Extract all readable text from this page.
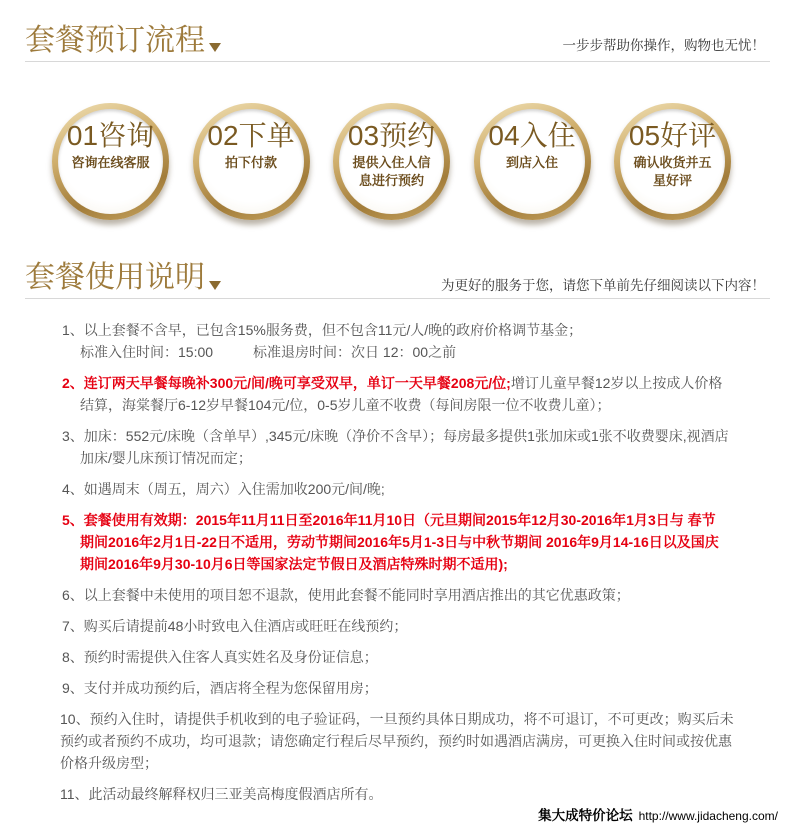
套餐预订流程	一步步帮助你操作，购物也无忧！
01咨询
咨询在线客服
02下单
拍下付款
03预约
提供入住人信
息进行预约
04入住
到店入住
05好评
确认收货并五
星好评
套餐使用说明	为更好的服务于您，请您下单前先仔细阅读以下内容！
1、以上套餐不含早，已包含15%服务费，但不包含11元/人/晚的政府价格调节基金；
标准入住时间：15:00	标准退房时间：次日 12：00之前
2、连订两天早餐每晚补300元/间/晚可享受双早，单订一天早餐208元/位;增订儿童早餐12岁以上按成人价格
结算，海棠餐厅6-12岁早餐104元/位，0-5岁儿童不收费（每间房限一位不收费儿童）；
3、加床：552元/床晚（含单早）,345元/床晚（净价不含早）；每房最多提供1张加床或1张不收费婴床,视酒店
加床/婴儿床预订情况而定；
4、如遇周末（周五，周六）入住需加收200元/间/晚;
5、套餐使用有效期：2015年11月11日至2016年11月10日（元旦期间2015年12月30-2016年1月3日与 春节
期间2016年2月1日-22日不适用，劳动节期间2016年5月1-3日与中秋节期间 2016年9月14-16日以及国庆
期间2016年9月30-10月6日等国家法定节假日及酒店特殊时期不适用);
6、以上套餐中未使用的项目恕不退款，使用此套餐不能同时享用酒店推出的其它优惠政策；
7、购买后请提前48小时致电入住酒店或旺旺在线预约；
8、预约时需提供入住客人真实姓名及身份证信息；
9、支付并成功预约后，酒店将全程为您保留用房；
10、预约入住时，请提供手机收到的电子验证码，一旦预约具体日期成功，将不可退订，不可更改；购买后未
预约或者预约不成功，均可退款；请您确定行程后尽早预约，预约时如遇酒店满房，可更换入住时间或按优惠
价格升级房型；
11、此活动最终解释权归三亚美高梅度假酒店所有。
集大成特价论坛 http://www.jidacheng.com/
